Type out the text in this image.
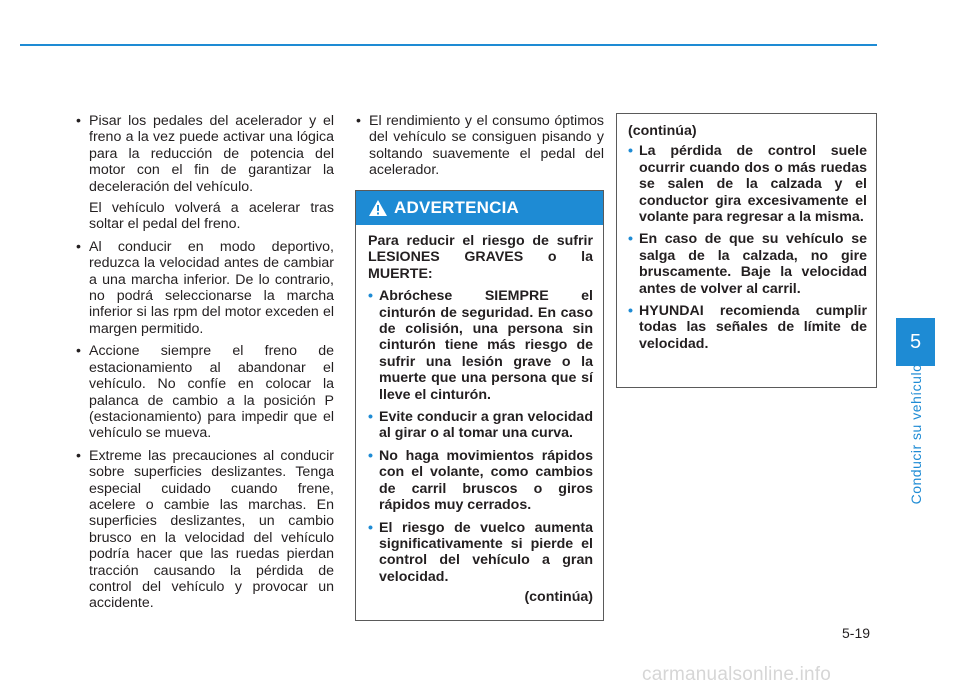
• Pisar los pedales del acelerador y el freno a la vez puede activar una lógica para la reducción de potencia del motor con el fin de garantizar la deceleración del vehículo.

El vehículo volverá a acelerar tras soltar el pedal del freno.

• Al conducir en modo deportivo, reduzca la velocidad antes de cambiar a una marcha inferior. De lo contrario, no podrá seleccionarse la marcha inferior si las rpm del motor exceden el margen permitido.

• Accione siempre el freno de estacionamiento al abandonar el vehículo. No confíe en colocar la palanca de cambio a la posición P (estacionamiento) para impedir que el vehículo se mueva.

• Extreme las precauciones al conducir sobre superficies deslizantes. Tenga especial cuidado cuando frene, acelere o cambie las marchas. En superficies deslizantes, un cambio brusco en la velocidad del vehículo podría hacer que las ruedas pierdan tracción causando la pérdida de control del vehículo y provocar un accidente.

• El rendimiento y el consumo óptimos del vehículo se consiguen pisando y soltando suavemente el pedal del acelerador.

ADVERTENCIA

Para reducir el riesgo de sufrir LESIONES GRAVES o la MUERTE:

• Abróchese SIEMPRE el cinturón de seguridad. En caso de colisión, una persona sin cinturón tiene más riesgo de sufrir una lesión grave o la muerte que una persona que sí lleve el cinturón.
• Evite conducir a gran velocidad al girar o al tomar una curva.
• No haga movimientos rápidos con el volante, como cambios de carril bruscos o giros rápidos muy cerrados.
• El riesgo de vuelco aumenta significativamente si pierde el control del vehículo a gran velocidad.
(continúa)

(continúa)

• La pérdida de control suele ocurrir cuando dos o más ruedas se salen de la calzada y el conductor gira excesivamente el volante para regresar a la misma.
• En caso de que su vehículo se salga de la calzada, no gire bruscamente. Baje la velocidad antes de volver al carril.
• HYUNDAI recomienda cumplir todas las señales de límite de velocidad.	5
Conducir su vehículo
5-19
carmanualsonline.info
